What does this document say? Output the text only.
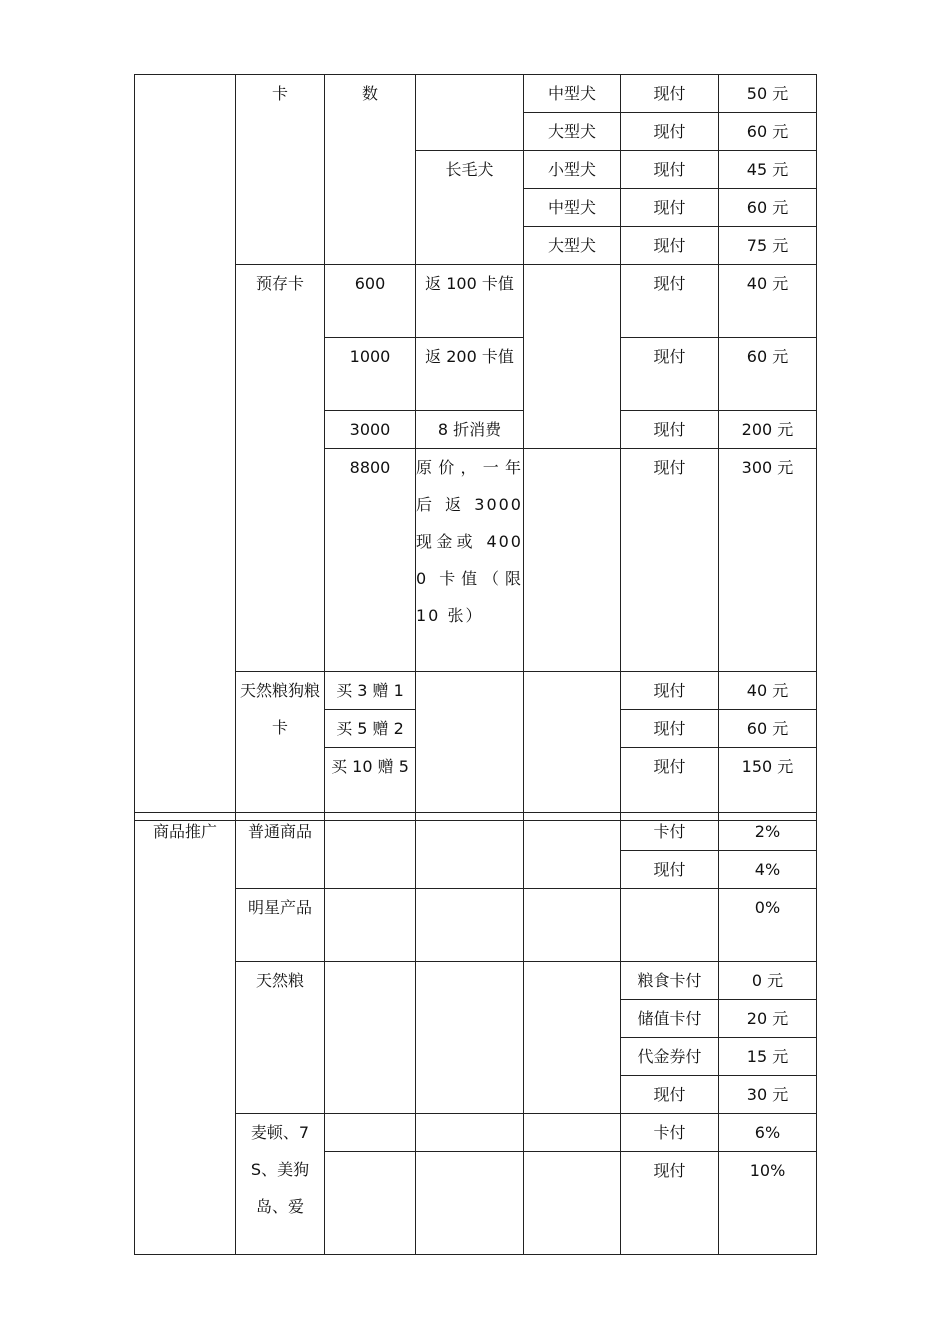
	卡	数		中型犬	现付	50 元

				大型犬	现付	60 元

			长毛犬	小型犬	现付	45 元

				中型犬	现付	60 元

				大型犬	现付	75 元

	预存卡	600	返 100 卡值		现付	40 元

		1000	返 200 卡值		现付	60 元

		3000	8 折消费		现付	200 元

		8800	原价，一年后返3000 现金或 4000 卡值（限 10 张）		现付	300 元

	天然粮狗粮卡	买 3 赠 1			现付	40 元

		买 5 赠 2			现付	60 元

		买 10 赠 5			现付	150 元
商品推广	普通商品				卡付	2%

					现付	4%

	明星产品					0%

	天然粮				粮食卡付	0 元

					储值卡付	20 元

					代金券付	15 元

					现付	30 元

	麦顿、7S、美狗岛、爱				卡付	6%

					现付	10%
